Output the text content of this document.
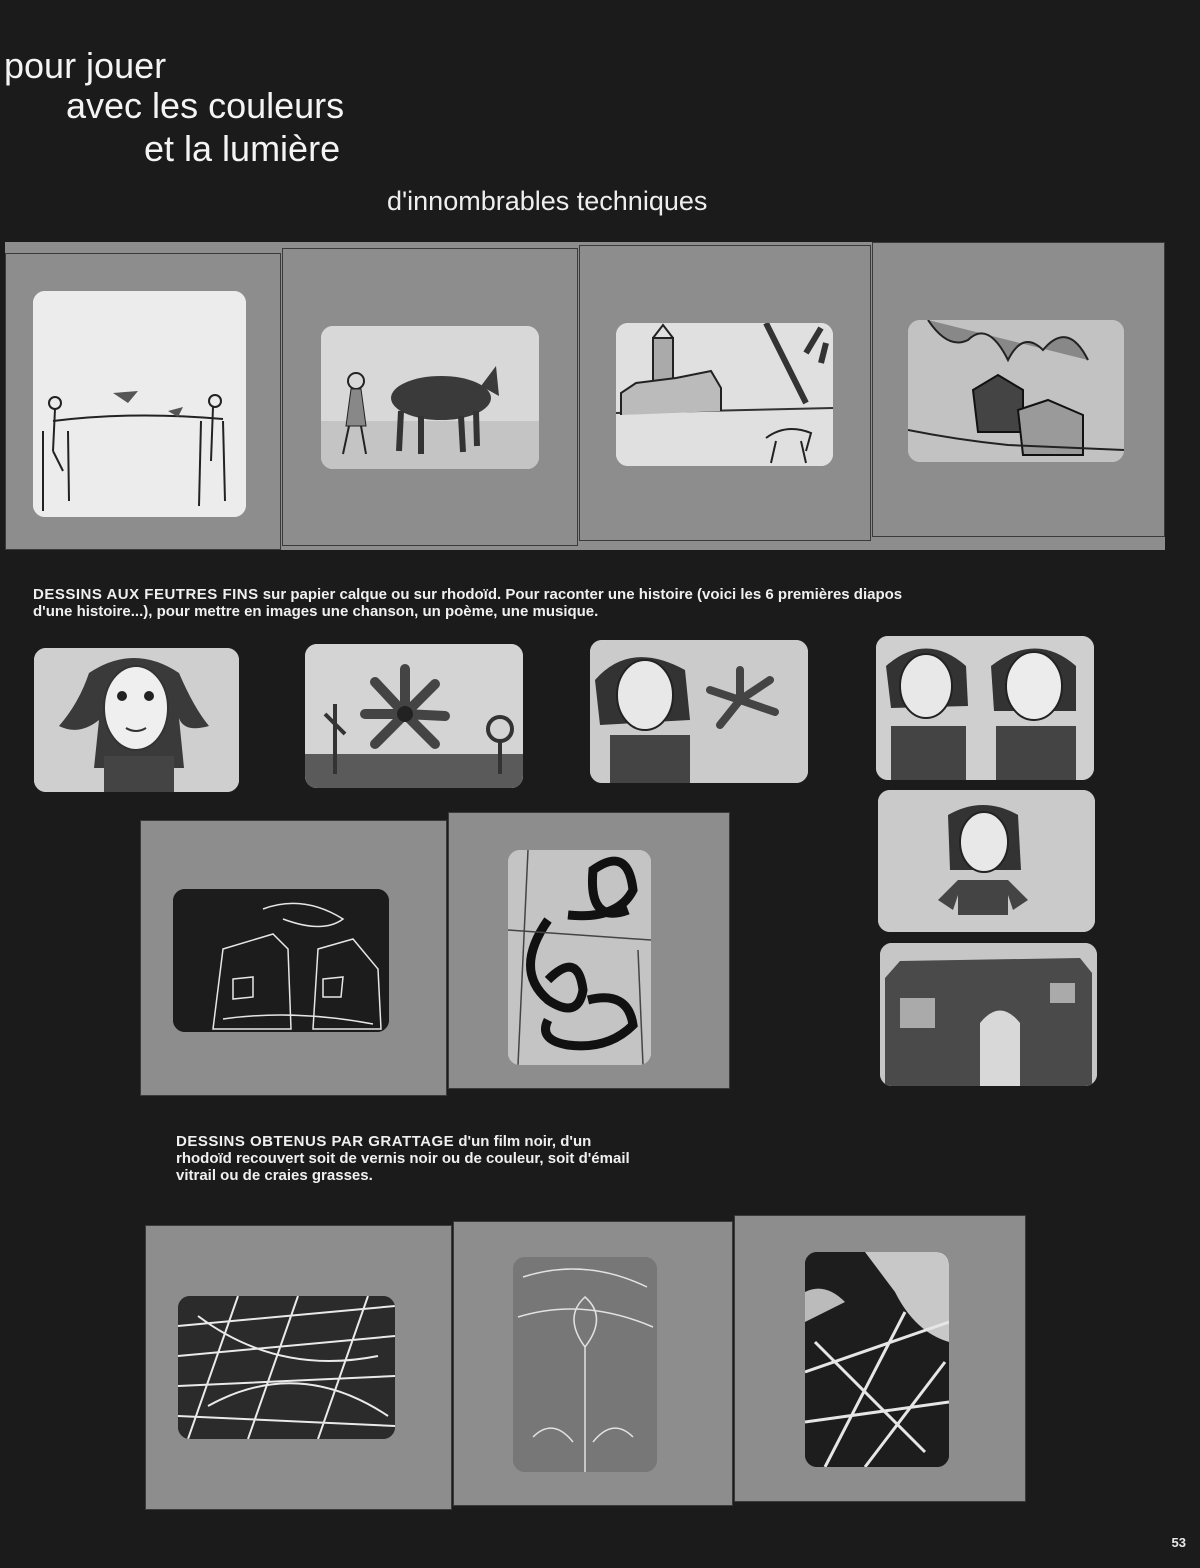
pour jouer
avec les couleurs
et la lumière
d'innombrables techniques
DESSINS AUX FEUTRES FINS sur papier calque ou sur rhodoïd. Pour raconter une histoire (voici les 6 premières diapos
d'une histoire...), pour mettre en images une chanson, un poème, une musique.
DESSINS OBTENUS PAR GRATTAGE d'un film noir, d'un
rhodoïd recouvert soit de vernis noir ou de couleur, soit d'émail
vitrail ou de craies grasses.
53
